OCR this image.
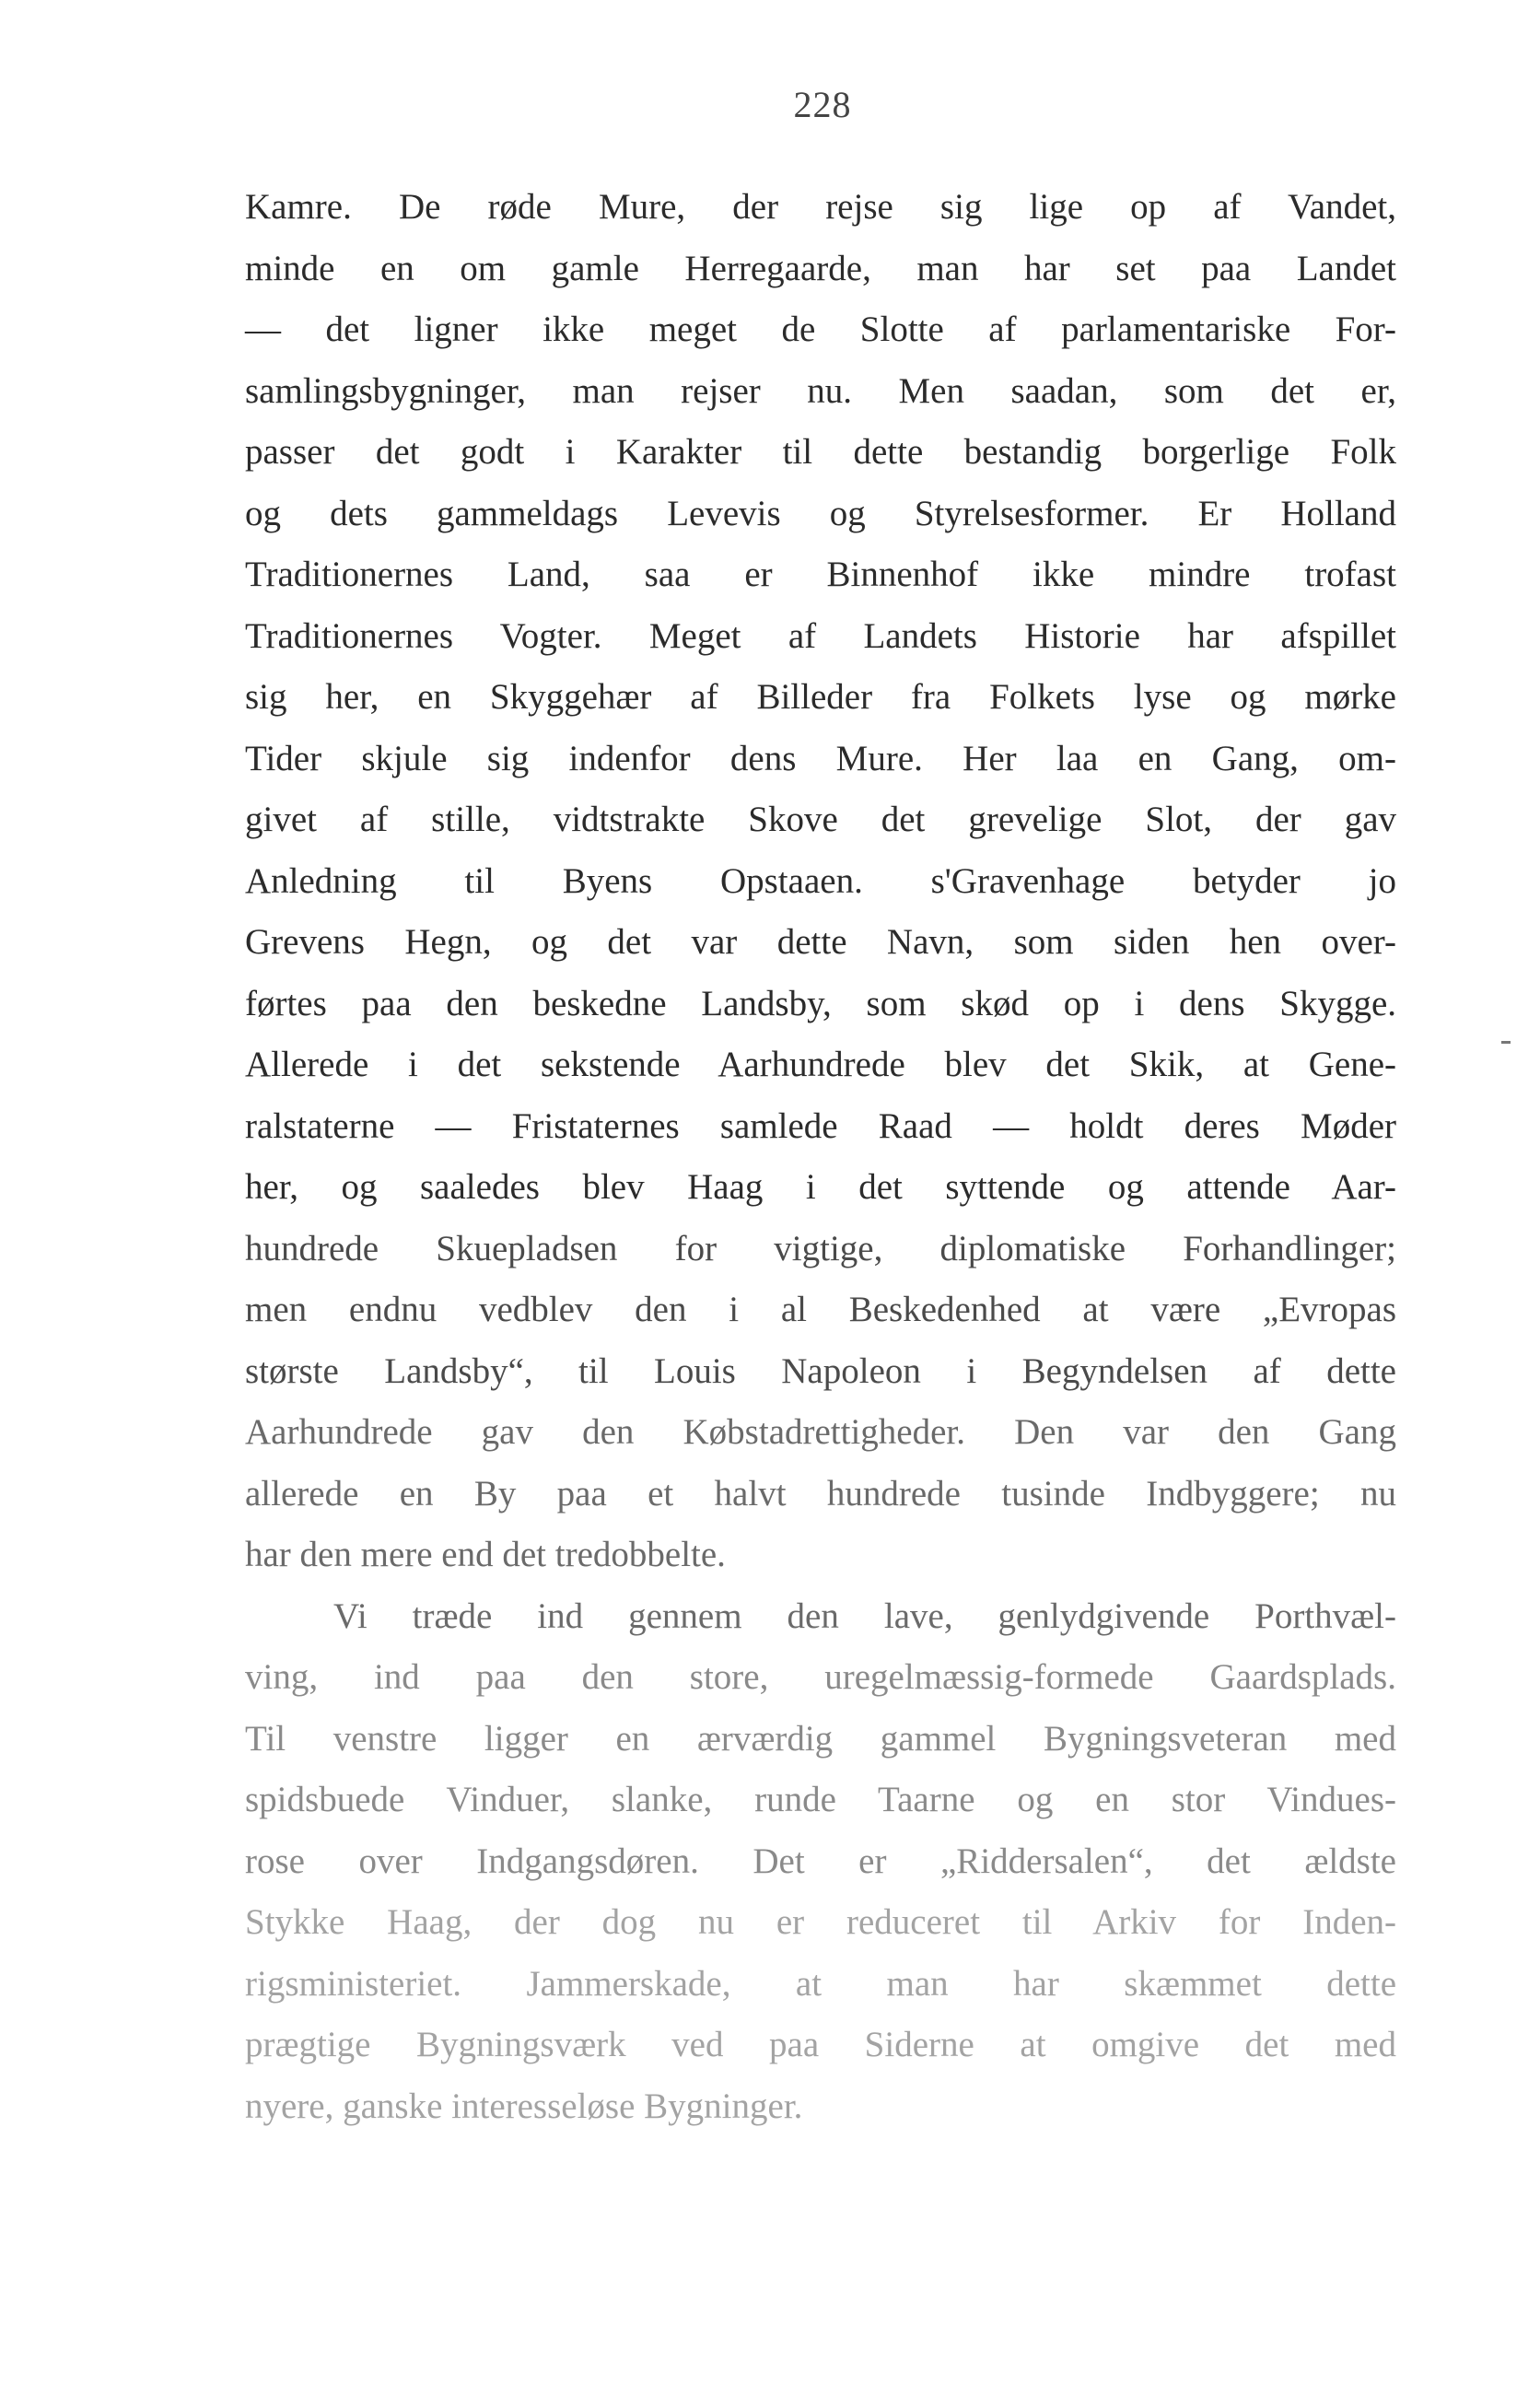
228
Kamre. De røde Mure, der rejse sig lige op af Vandet,
minde en om gamle Herregaarde, man har set paa Landet
— det ligner ikke meget de Slotte af parlamentariske For-
samlingsbygninger, man rejser nu. Men saadan, som det er,
passer det godt i Karakter til dette bestandig borgerlige Folk
og dets gammeldags Levevis og Styrelsesformer. Er Holland
Traditionernes Land, saa er Binnenhof ikke mindre trofast
Traditionernes Vogter. Meget af Landets Historie har afspillet
sig her, en Skyggehær af Billeder fra Folkets lyse og mørke
Tider skjule sig indenfor dens Mure. Her laa en Gang, om-
givet af stille, vidtstrakte Skove det grevelige Slot, der gav
Anledning til Byens Opstaaen. s'Gravenhage betyder jo
Grevens Hegn, og det var dette Navn, som siden hen over-
førtes paa den beskedne Landsby, som skød op i dens Skygge.
Allerede i det sekstende Aarhundrede blev det Skik, at Gene-
ralstaterne — Fristaternes samlede Raad — holdt deres Møder
her, og saaledes blev Haag i det syttende og attende Aar-
hundrede Skuepladsen for vigtige, diplomatiske Forhandlinger;
men endnu vedblev den i al Beskedenhed at være „Evropas
største Landsby“, til Louis Napoleon i Begyndelsen af dette
Aarhundrede gav den Købstadrettigheder. Den var den Gang
allerede en By paa et halvt hundrede tusinde Indbyggere; nu
har den mere end det tredobbelte.
Vi træde ind gennem den lave, genlydgivende Porthvæl-
ving, ind paa den store, uregelmæssig-formede Gaardsplads.
Til venstre ligger en ærværdig gammel Bygningsveteran med
spidsbuede Vinduer, slanke, runde Taarne og en stor Vindues-
rose over Indgangsdøren. Det er „Riddersalen“, det ældste
Stykke Haag, der dog nu er reduceret til Arkiv for Inden-
rigsministeriet. Jammerskade, at man har skæmmet dette
prægtige Bygningsværk ved paa Siderne at omgive det med
nyere, ganske interesseløse Bygninger.
